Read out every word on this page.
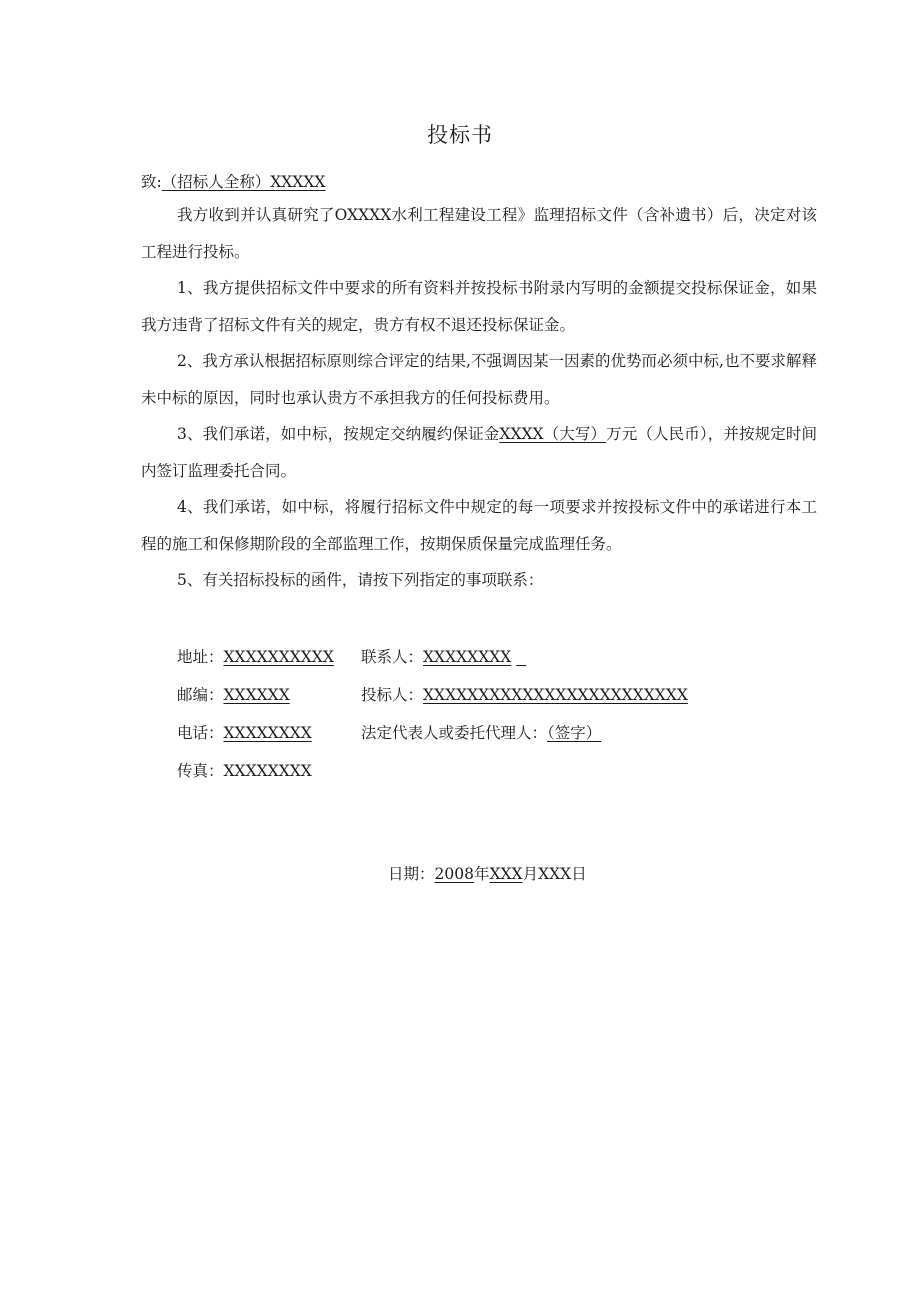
投标书
致:（招标人全称）XXXXX
我方收到并认真研究了OXXXX水利工程建设工程》监理招标文件（含补遗书）后，决定对该工程进行投标。
1、我方提供招标文件中要求的所有资料并按投标书附录内写明的金额提交投标保证金，如果我方违背了招标文件有关的规定，贵方有权不退还投标保证金。
2、我方承认根据招标原则综合评定的结果,不强调因某一因素的优势而必须中标,也不要求解释未中标的原因，同时也承认贵方不承担我方的任何投标费用。
3、我们承诺，如中标，按规定交纳履约保证金XXXX（大写）万元（人民币），并按规定时间内签订监理委托合同。
4、我们承诺，如中标，将履行招标文件中规定的每一项要求并按投标文件中的承诺进行本工程的施工和保修期阶段的全部监理工作，按期保质保量完成监理任务。
5、有关招标投标的函件，请按下列指定的事项联系：
地址：XXXXXXXXXX 联系人：XXXXXXXX
邮编：XXXXXX	投标人：XXXXXXXXXXXXXXXXXXXXXXXX
电话：XXXXXXXX	法定代表人或委托代理人：（签字）
传真：XXXXXXXX
日期：2008年XXX月XXX日
